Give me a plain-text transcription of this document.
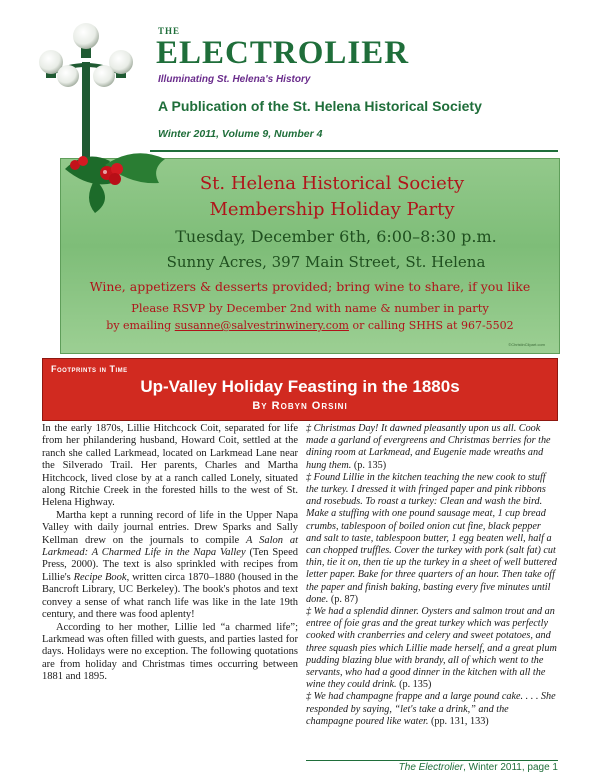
THE
ELECTROLIER
Illuminating St. Helena's History
A Publication of the St. Helena Historical Society
Winter 2011, Volume 9, Number 4
St. Helena Historical Society
Membership Holiday Party
Tuesday, December 6th, 6:00–8:30 p.m.
Sunny Acres, 397 Main Street, St. Helena
Wine, appetizers & desserts provided; bring wine to share, if you like
Please RSVP by December 2nd with name & number in party
by emailing susanne@salvestrinwinery.com or calling SHHS at 967-5502
©ChristinClipart.com
Footprints in Time
Up-Valley Holiday Feasting in the 1880s
By Robyn Orsini

In the early 1870s, Lillie Hitchcock Coit, separated for life from her philandering husband, Howard Coit, settled at the ranch she called Larkmead, located on Larkmead Lane near the Silverado Trail. Her parents, Charles and Martha Hitchcock, lived close by at a ranch called Lonely, situated along Ritchie Creek in the forested hills to the west of St. Helena Highway.

Martha kept a running record of life in the Upper Napa Valley with daily journal entries. Drew Sparks and Sally Kellman drew on the journals to compile A Salon at Larkmead: A Charmed Life in the Napa Valley (Ten Speed Press, 2000). The text is also sprinkled with recipes from Lillie's Recipe Book, written circa 1870–1880 (housed in the Bancroft Library, UC Berkeley). The book's photos and text convey a sense of what ranch life was like in the late 19th century, and there was food aplenty!

According to her mother, Lillie led “a charmed life”; Larkmead was often filled with guests, and parties lasted for days. Holidays were no exception. The following quotations are from holiday and Christmas times occurring between 1881 and 1895.

‡ Christmas Day! It dawned pleasantly upon us all. Cook made a garland of evergreens and Christmas berries for the dining room at Larkmead, and Eugenie made wreaths and hung them. (p. 135)

‡ Found Lillie in the kitchen teaching the new cook to stuff the turkey. I dressed it with fringed paper and pink ribbons and rosebuds. To roast a turkey: Clean and wash the bird. Make a stuffing with one pound sausage meat, 1 cup bread crumbs, tablespoon of boiled onion cut fine, black pepper and salt to taste, tablespoon butter, 1 egg beaten well, half a can chopped truffles. Cover the turkey with pork (salt fat) cut thin, tie it on, then tie up the turkey in a sheet of well buttered letter paper. Bake for three quarters of an hour. Then take off the paper and finish baking, basting every five minutes until done. (p. 87)

‡ We had a splendid dinner. Oysters and salmon trout and an entree of foie gras and the great turkey which was perfectly cooked with cranberries and celery and sweet potatoes, and three squash pies which Lillie made herself, and a great plum pudding blazing blue with brandy, all of which went to the servants, who had a good dinner in the kitchen with all the wine they could drink. (p. 135)

‡ We had champagne frappe and a large pound cake. . . . She responded by saying, “let's take a drink,” and the champagne poured like water. (pp. 131, 133)

The Electrolier, Winter 2011, page 1
